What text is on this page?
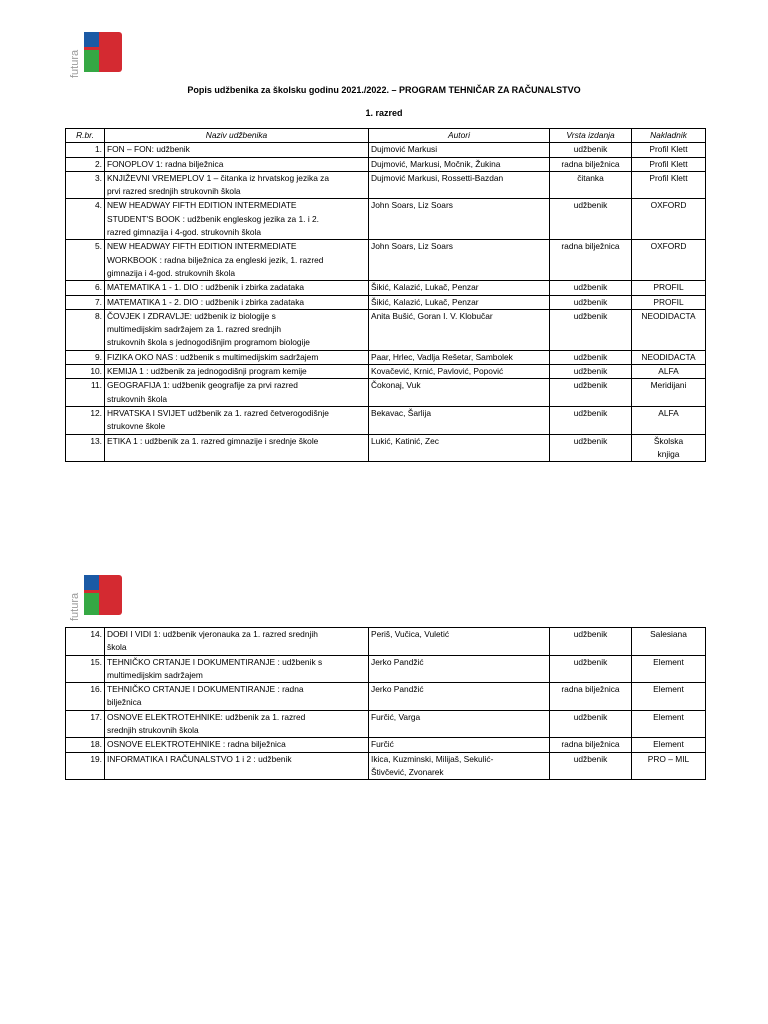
futura
Popis udžbenika za školsku godinu 2021./2022. – PROGRAM TEHNIČAR ZA RAČUNALSTVO
1. razred
R.br.	Naziv udžbenika	Autori	Vrsta izdanja	Nakladnik
1.	FON – FON: udžbenik	Dujmović Markusi	udžbenik	Profil Klett

2.	FONOPLOV 1: radna bilježnica	Dujmović, Markusi, Močnik, Žukina	radna bilježnica	Profil Klett

3.	KNJIŽEVNI VREMEPLOV 1 – čitanka iz hrvatskog jezika za
prvi razred srednjih strukovnih škola	Dujmović Markusi, Rossetti-Bazdan	čitanka	Profil Klett

4.	NEW HEADWAY FIFTH EDITION INTERMEDIATE
STUDENT'S BOOK : udžbenik engleskog jezika za 1. i 2.
razred gimnazija i 4-god. strukovnih škola	John Soars, Liz Soars	udžbenik	OXFORD

5.	NEW HEADWAY FIFTH EDITION INTERMEDIATE
WORKBOOK : radna bilježnica za engleski jezik, 1. razred
gimnazija i 4-god. strukovnih škola	John Soars, Liz Soars	radna bilježnica	OXFORD

6.	MATEMATIKA 1 - 1. DIO : udžbenik i zbirka zadataka	Šikić, Kalazić, Lukač, Penzar	udžbenik	PROFIL

7.	MATEMATIKA 1 - 2. DIO : udžbenik i zbirka zadataka	Šikić, Kalazić, Lukač, Penzar	udžbenik	PROFIL

8.	ČOVJEK I ZDRAVLJE: udžbenik iz biologije s
multimedijskim sadržajem za 1. razred srednjih
strukovnih škola s jednogodišnjim programom biologije	Anita Bušić, Goran I. V. Klobučar	udžbenik	NEODIDACTA

9.	FIZIKA OKO NAS : udžbenik s multimedijskim sadržajem	Paar, Hrlec, Vadlja Rešetar, Sambolek	udžbenik	NEODIDACTA

10.	KEMIJA 1 : udžbenik za jednogodišnji program kemije	Kovačević, Krnić, Pavlović, Popović	udžbenik	ALFA

11.	GEOGRAFIJA 1: udžbenik geografije za prvi razred
strukovnih škola	Čokonaj, Vuk	udžbenik	Meridijani

12.	HRVATSKA I SVIJET udžbenik za 1. razred četverogodišnje
strukovne škole	Bekavac, Šarlija	udžbenik	ALFA

13.	ETIKA 1 : udžbenik za 1. razred gimnazije i srednje škole	Lukić, Katinić, Zec	udžbenik	Školska
knjiga
futura
14.	DOĐI I VIDI 1: udžbenik vjeronauka za 1. razred srednjih
škola	Periš, Vučica, Vuletić	udžbenik	Salesiana

15.	TEHNIČKO CRTANJE I DOKUMENTIRANJE : udžbenik s
multimedijskim sadržajem	Jerko Pandžić	udžbenik	Element

16.	TEHNIČKO CRTANJE I DOKUMENTIRANJE : radna
bilježnica	Jerko Pandžić	radna bilježnica	Element

17.	OSNOVE ELEKTROTEHNIKE: udžbenik za 1. razred
srednjih strukovnih škola	Furčić, Varga	udžbenik	Element

18.	OSNOVE ELEKTROTEHNIKE : radna bilježnica	Furčić	radna bilježnica	Element

19.	INFORMATIKA I RAČUNALSTVO 1 i 2 : udžbenik	Ikica, Kuzminski, Milijaš, Sekulić-
Štivčević, Zvonarek	udžbenik	PRO – MIL
